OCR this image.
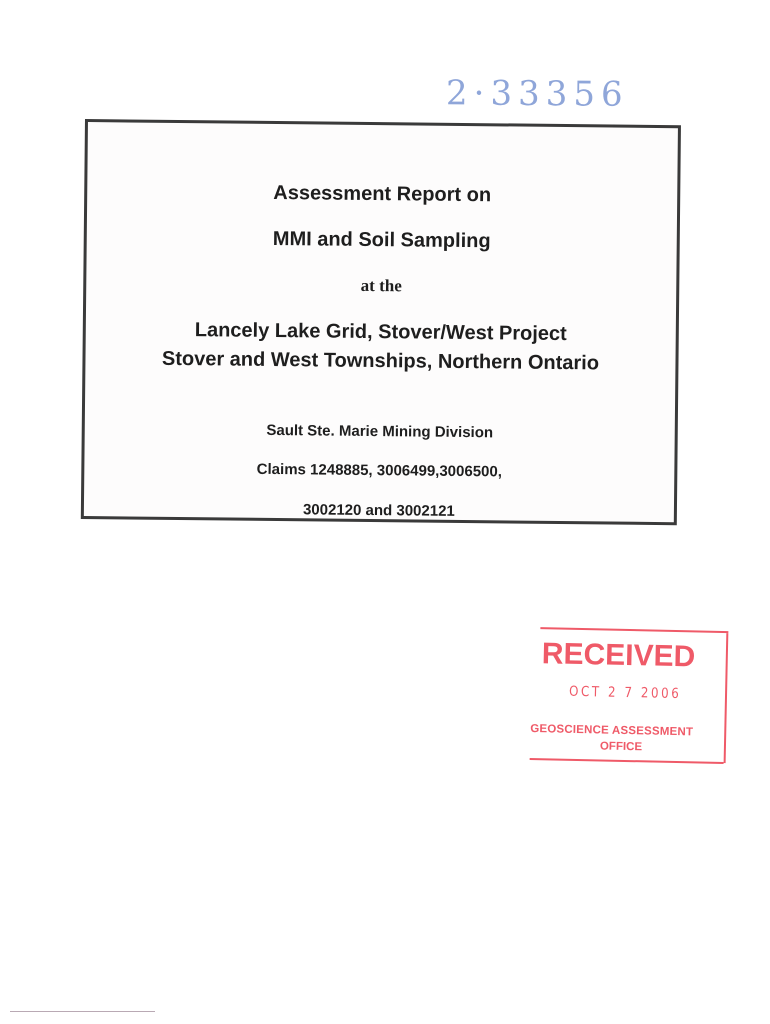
2·33356
Assessment Report on
MMI and Soil Sampling
at the
Lancely Lake Grid, Stover/West Project
Stover and West Townships, Northern Ontario
Sault Ste. Marie Mining Division
Claims 1248885, 3006499,3006500,
3002120 and 3002121
RECEIVED
OCT 2 7 2006
GEOSCIENCE ASSESSMENT
OFFICE
